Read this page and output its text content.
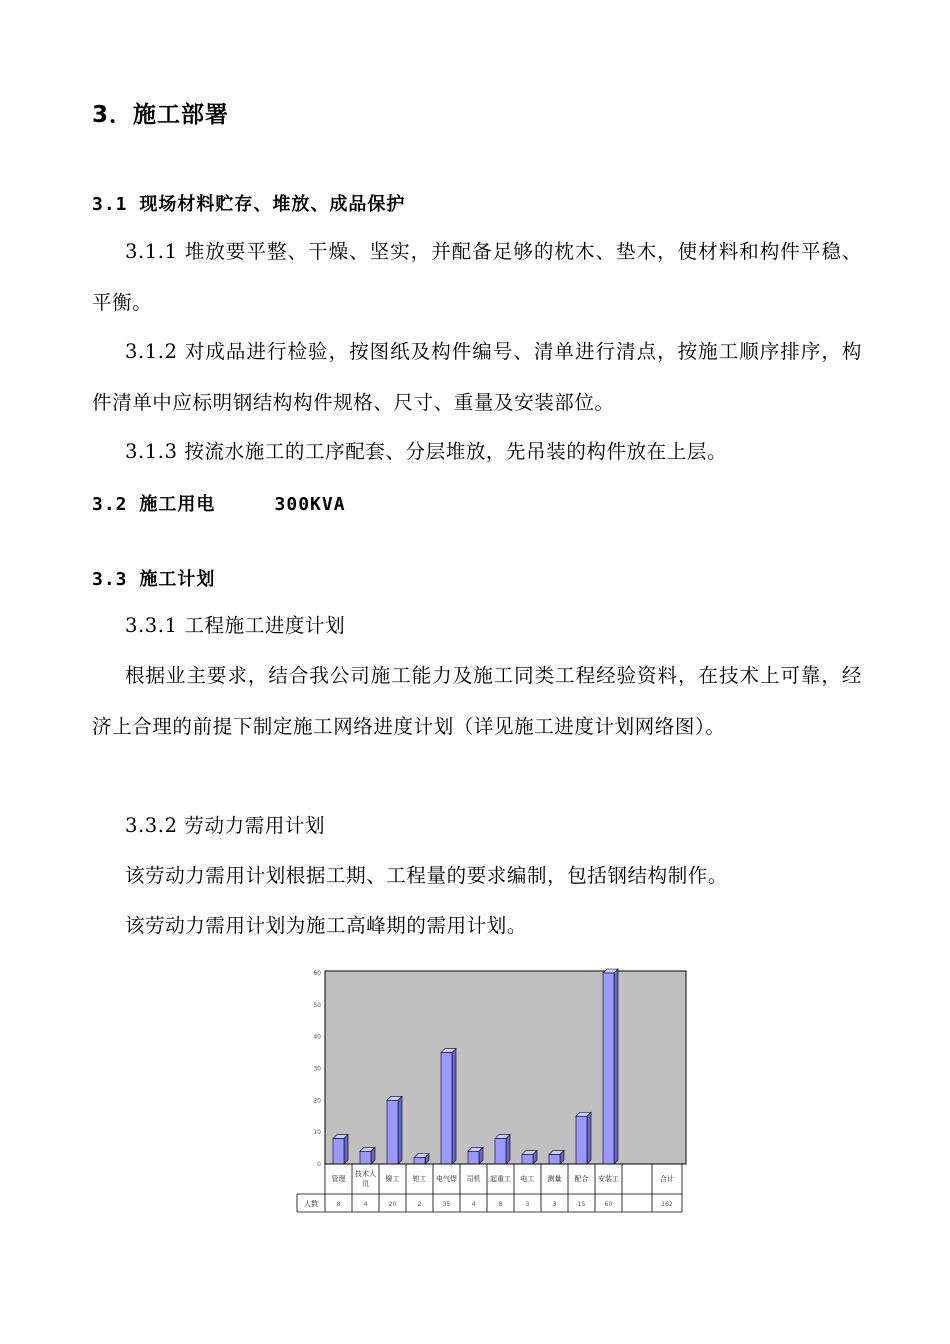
3．施工部署
3.1 现场材料贮存、堆放、成品保护
3.1.1 堆放要平整、干燥、坚实，并配备足够的枕木、垫木，使材料和构件平稳、平衡。
3.1.2 对成品进行检验，按图纸及构件编号、清单进行清点，按施工顺序排序，构件清单中应标明钢结构构件规格、尺寸、重量及安装部位。
3.1.3 按流水施工的工序配套、分层堆放，先吊装的构件放在上层。
3.2 施工用电     300KVA
3.3 施工计划
3.3.1 工程施工进度计划
根据业主要求，结合我公司施工能力及施工同类工程经验资料，在技术上可靠，经济上合理的前提下制定施工网络进度计划（详见施工进度计划网络图）。
3.3.2 劳动力需用计划
该劳动力需用计划根据工期、工程量的要求编制，包括钢结构制作。
该劳动力需用计划为施工高峰期的需用计划。
0
10
20
30
40
50
60
管理
8
技术人
员
4
铆工
20
钳工
2
电气焊
35
司机
4
起重工
8
电工
3
测量
3
配合
15
安装工
60
合计
162
人数
